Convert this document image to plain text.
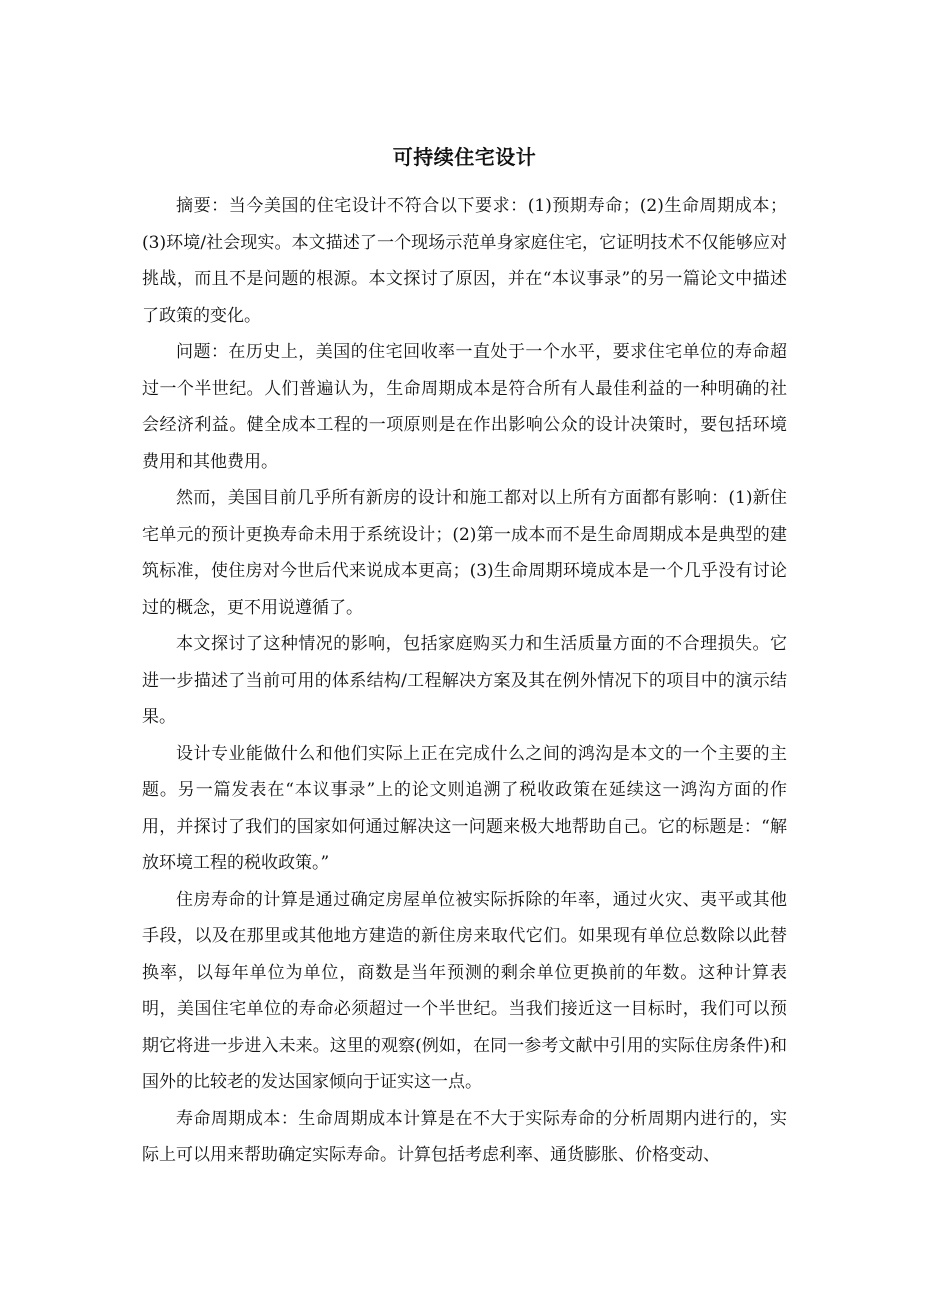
可持续住宅设计

摘要：当今美国的住宅设计不符合以下要求：(1)预期寿命；(2)生命周期成本；(3)环境/社会现实。本文描述了一个现场示范单身家庭住宅，它证明技术不仅能够应对挑战，而且不是问题的根源。本文探讨了原因，并在“本议事录”的另一篇论文中描述了政策的变化。

问题：在历史上，美国的住宅回收率一直处于一个水平，要求住宅单位的寿命超过一个半世纪。人们普遍认为，生命周期成本是符合所有人最佳利益的一种明确的社会经济利益。健全成本工程的一项原则是在作出影响公众的设计决策时，要包括环境费用和其他费用。

然而，美国目前几乎所有新房的设计和施工都对以上所有方面都有影响：(1)新住宅单元的预计更换寿命未用于系统设计；(2)第一成本而不是生命周期成本是典型的建筑标准，使住房对今世后代来说成本更高；(3)生命周期环境成本是一个几乎没有讨论过的概念，更不用说遵循了。

本文探讨了这种情况的影响，包括家庭购买力和生活质量方面的不合理损失。它进一步描述了当前可用的体系结构/工程解决方案及其在例外情况下的项目中的演示结果。

设计专业能做什么和他们实际上正在完成什么之间的鸿沟是本文的一个主要的主题。另一篇发表在“本议事录”上的论文则追溯了税收政策在延续这一鸿沟方面的作用，并探讨了我们的国家如何通过解决这一问题来极大地帮助自己。它的标题是：“解放环境工程的税收政策。”

住房寿命的计算是通过确定房屋单位被实际拆除的年率，通过火灾、夷平或其他手段，以及在那里或其他地方建造的新住房来取代它们。如果现有单位总数除以此替换率，以每年单位为单位，商数是当年预测的剩余单位更换前的年数。这种计算表明，美国住宅单位的寿命必须超过一个半世纪。当我们接近这一目标时，我们可以预期它将进一步进入未来。这里的观察(例如，在同一参考文献中引用的实际住房条件)和国外的比较老的发达国家倾向于证实这一点。

寿命周期成本：生命周期成本计算是在不大于实际寿命的分析周期内进行的，实际上可以用来帮助确定实际寿命。计算包括考虑利率、通货膨胀、价格变动、
